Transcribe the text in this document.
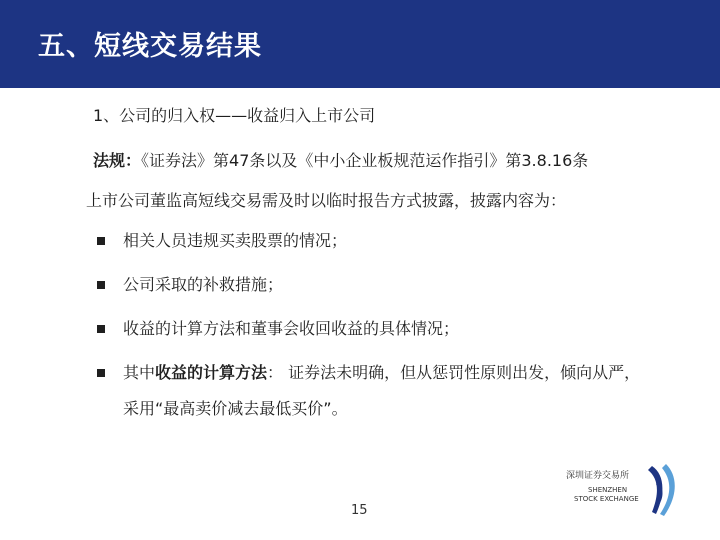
五、短线交易结果
1、公司的归入权——收益归入上市公司
法规：《证券法》第47条以及《中小企业板规范运作指引》第3.8.16条
上市公司董监高短线交易需及时以临时报告方式披露，披露内容为：
相关人员违规买卖股票的情况；
公司采取的补救措施；
收益的计算方法和董事会收回收益的具体情况；
其中收益的计算方法： 证券法未明确，但从惩罚性原则出发，倾向从严，
采用“最高卖价减去最低买价”。
15
深圳证券交易所
SHENZHEN
STOCK EXCHANGE
